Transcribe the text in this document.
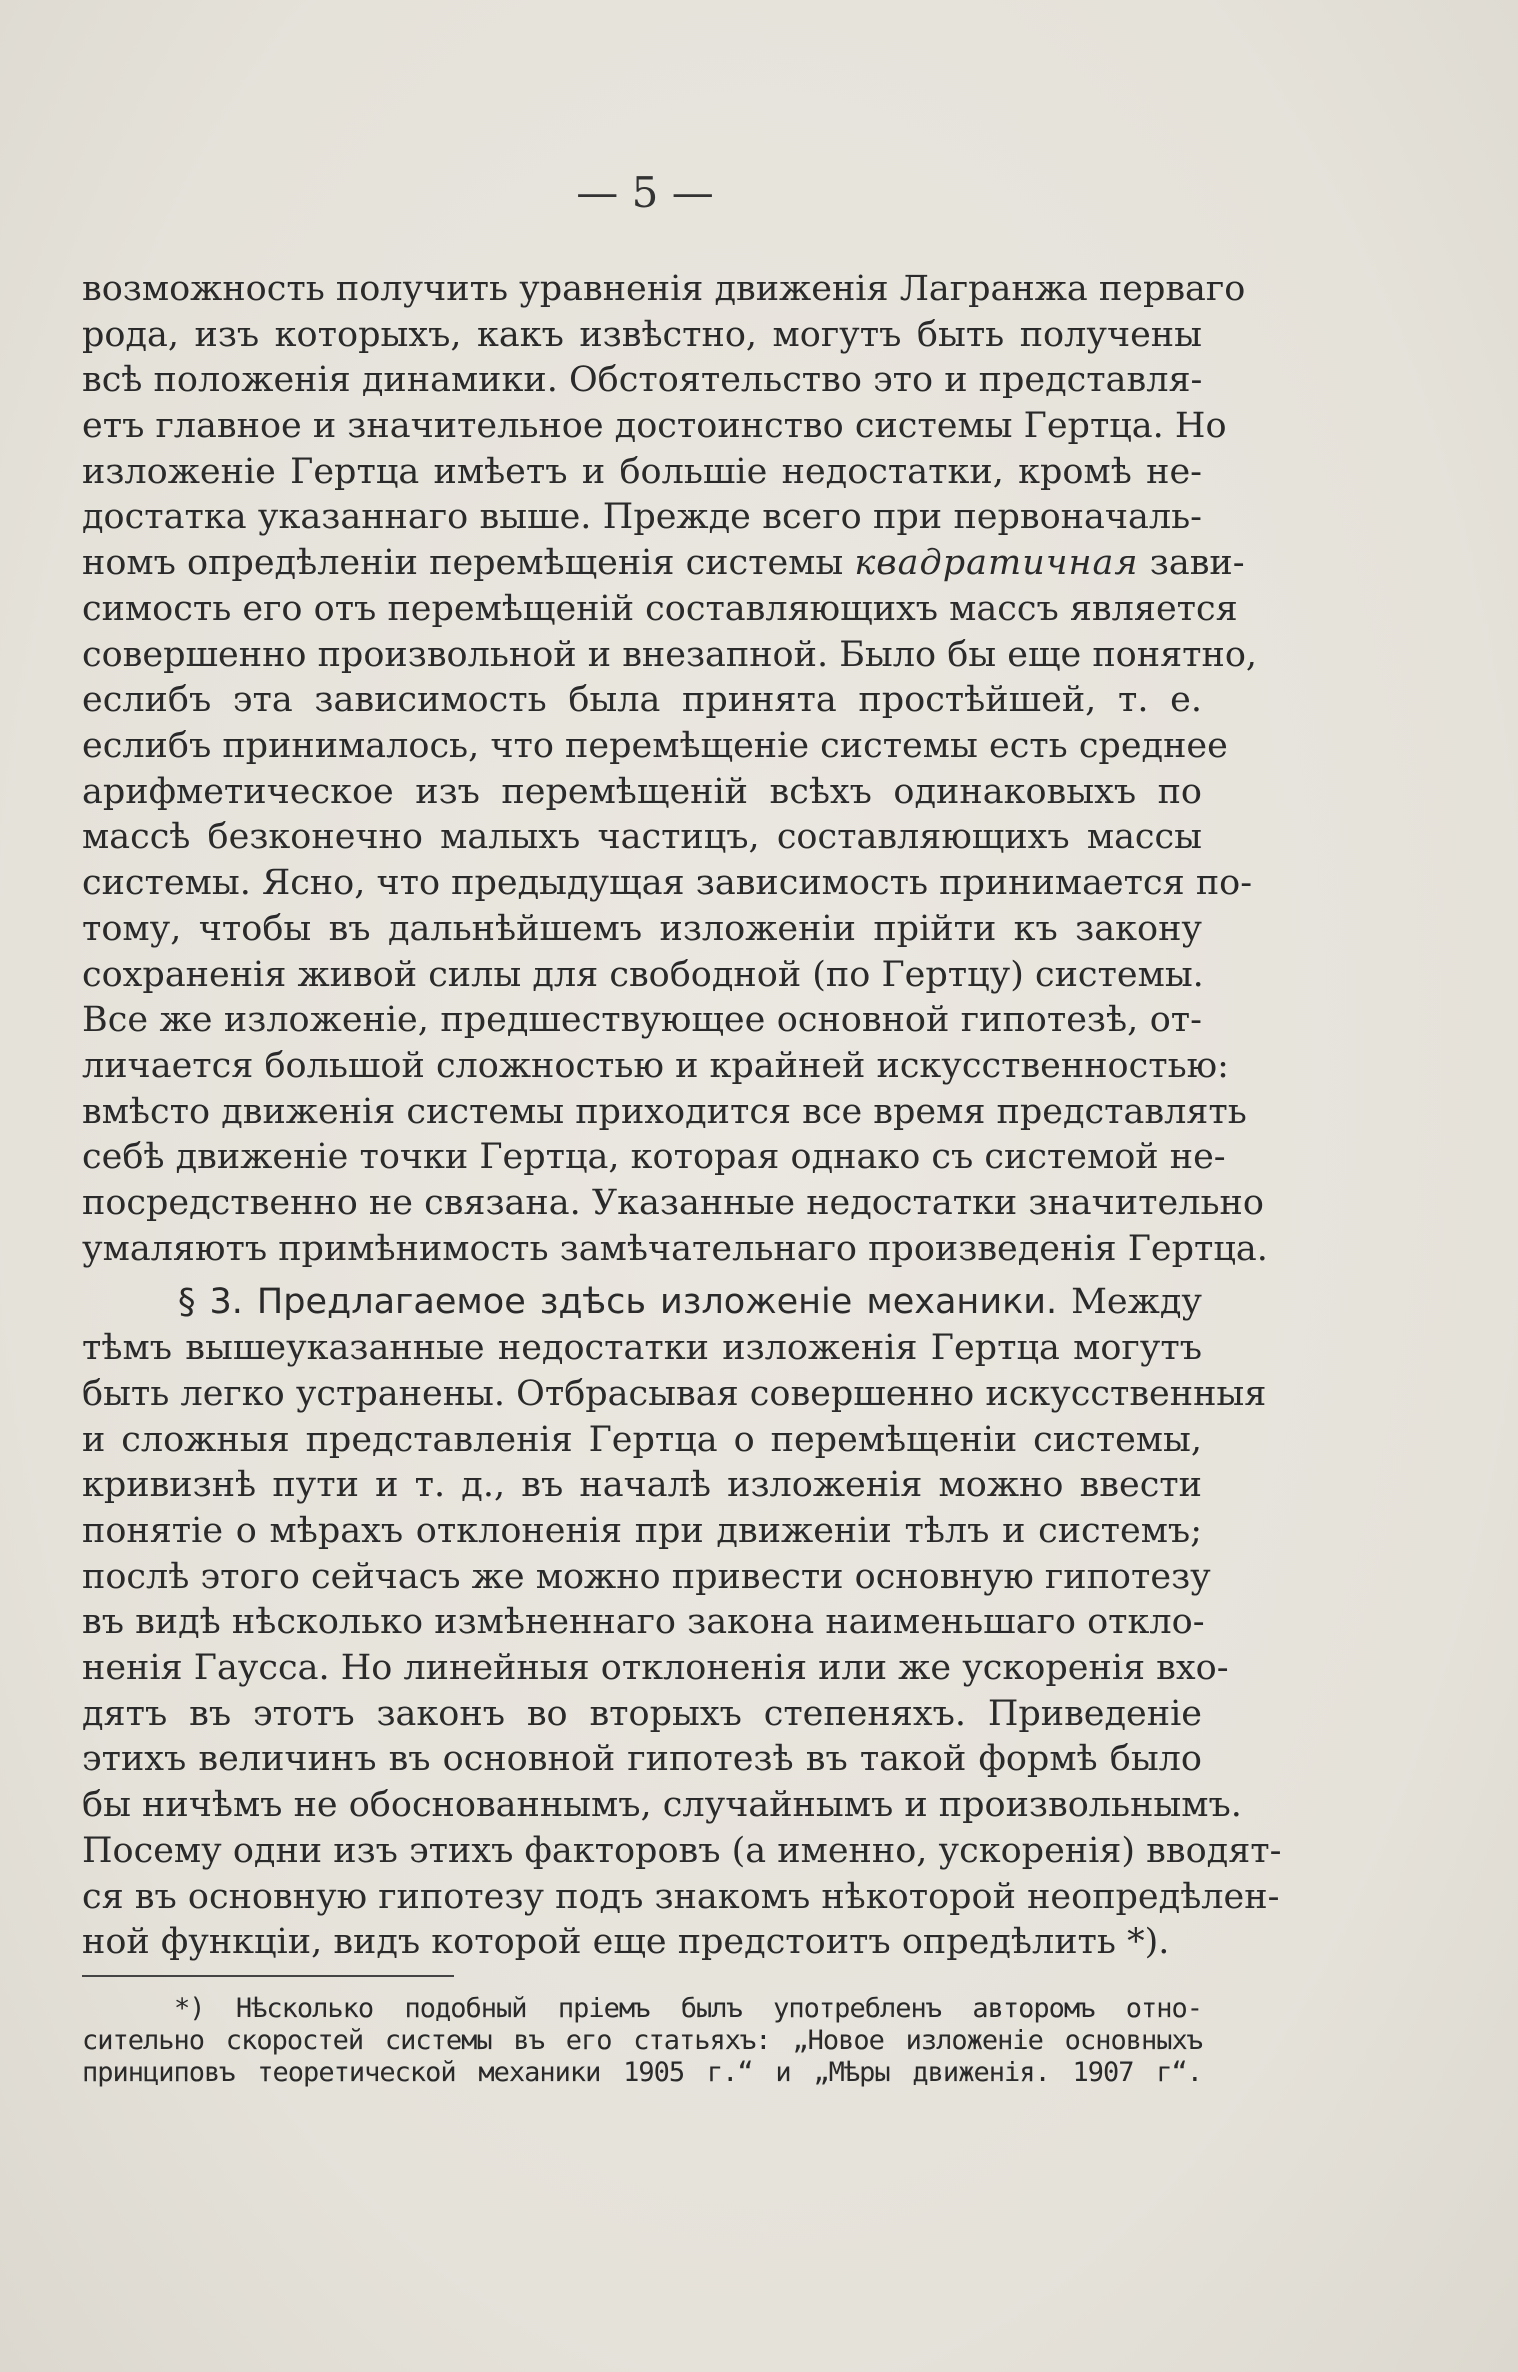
— 5 —
возможность получить уравненія движенія Лагранжа перваго
рода, изъ которыхъ, какъ извѣстно, могутъ быть получены
всѣ положенія динамики. Обстоятельство это и представля-
етъ главное и значительное достоинство системы Гертца. Но
изложеніе Гертца имѣетъ и большіе недостатки, кромѣ не-
достатка указаннаго выше. Прежде всего при первоначаль-
номъ опредѣленіи перемѣщенія системы квадратичная зави-
симость его отъ перемѣщеній составляющихъ массъ является
совершенно произвольной и внезапной. Было бы еще понятно,
еслибъ эта зависимость была принята простѣйшей, т. е.
еслибъ принималось, что перемѣщеніе системы есть среднее
арифметическое изъ перемѣщеній всѣхъ одинаковыхъ по
массѣ безконечно малыхъ частицъ, составляющихъ массы
системы. Ясно, что предыдущая зависимость принимается по-
тому, чтобы въ дальнѣйшемъ изложеніи прійти къ закону
сохраненія живой силы для свободной (по Гертцу) системы.
Все же изложеніе, предшествующее основной гипотезѣ, от-
личается большой сложностью и крайней искусственностью:
вмѣсто движенія системы приходится все время представлять
себѣ движеніе точки Гертца, которая однако съ системой не-
посредственно не связана. Указанные недостатки значительно
умаляютъ примѣнимость замѣчательнаго произведенія Гертца.
§ 3. Предлагаемое здѣсь изложеніе механики. Между
тѣмъ вышеуказанные недостатки изложенія Гертца могутъ
быть легко устранены. Отбрасывая совершенно искусственныя
и сложныя представленія Гертца о перемѣщеніи системы,
кривизнѣ пути и т. д., въ началѣ изложенія можно ввести
понятіе о мѣрахъ отклоненія при движеніи тѣлъ и системъ;
послѣ этого сейчасъ же можно привести основную гипотезу
въ видѣ нѣсколько измѣненнаго закона наименьшаго откло-
ненія Гаусса. Но линейныя отклоненія или же ускоренія вхо-
дятъ въ этотъ законъ во вторыхъ степеняхъ. Приведеніе
этихъ величинъ въ основной гипотезѣ въ такой формѣ было
бы ничѣмъ не обоснованнымъ, случайнымъ и произвольнымъ.
Посему одни изъ этихъ факторовъ (а именно, ускоренія) вводят-
ся въ основную гипотезу подъ знакомъ нѣкоторой неопредѣлен-
ной функціи, видъ которой еще предстоитъ опредѣлить *).
*) Нѣсколько подобный пріемъ былъ употребленъ авторомъ отно-
сительно скоростей системы въ его статьяхъ: „Новое изложеніе основныхъ
принциповъ теоретической механики 1905 г.“ и „Мѣры движенія. 1907 г“.
